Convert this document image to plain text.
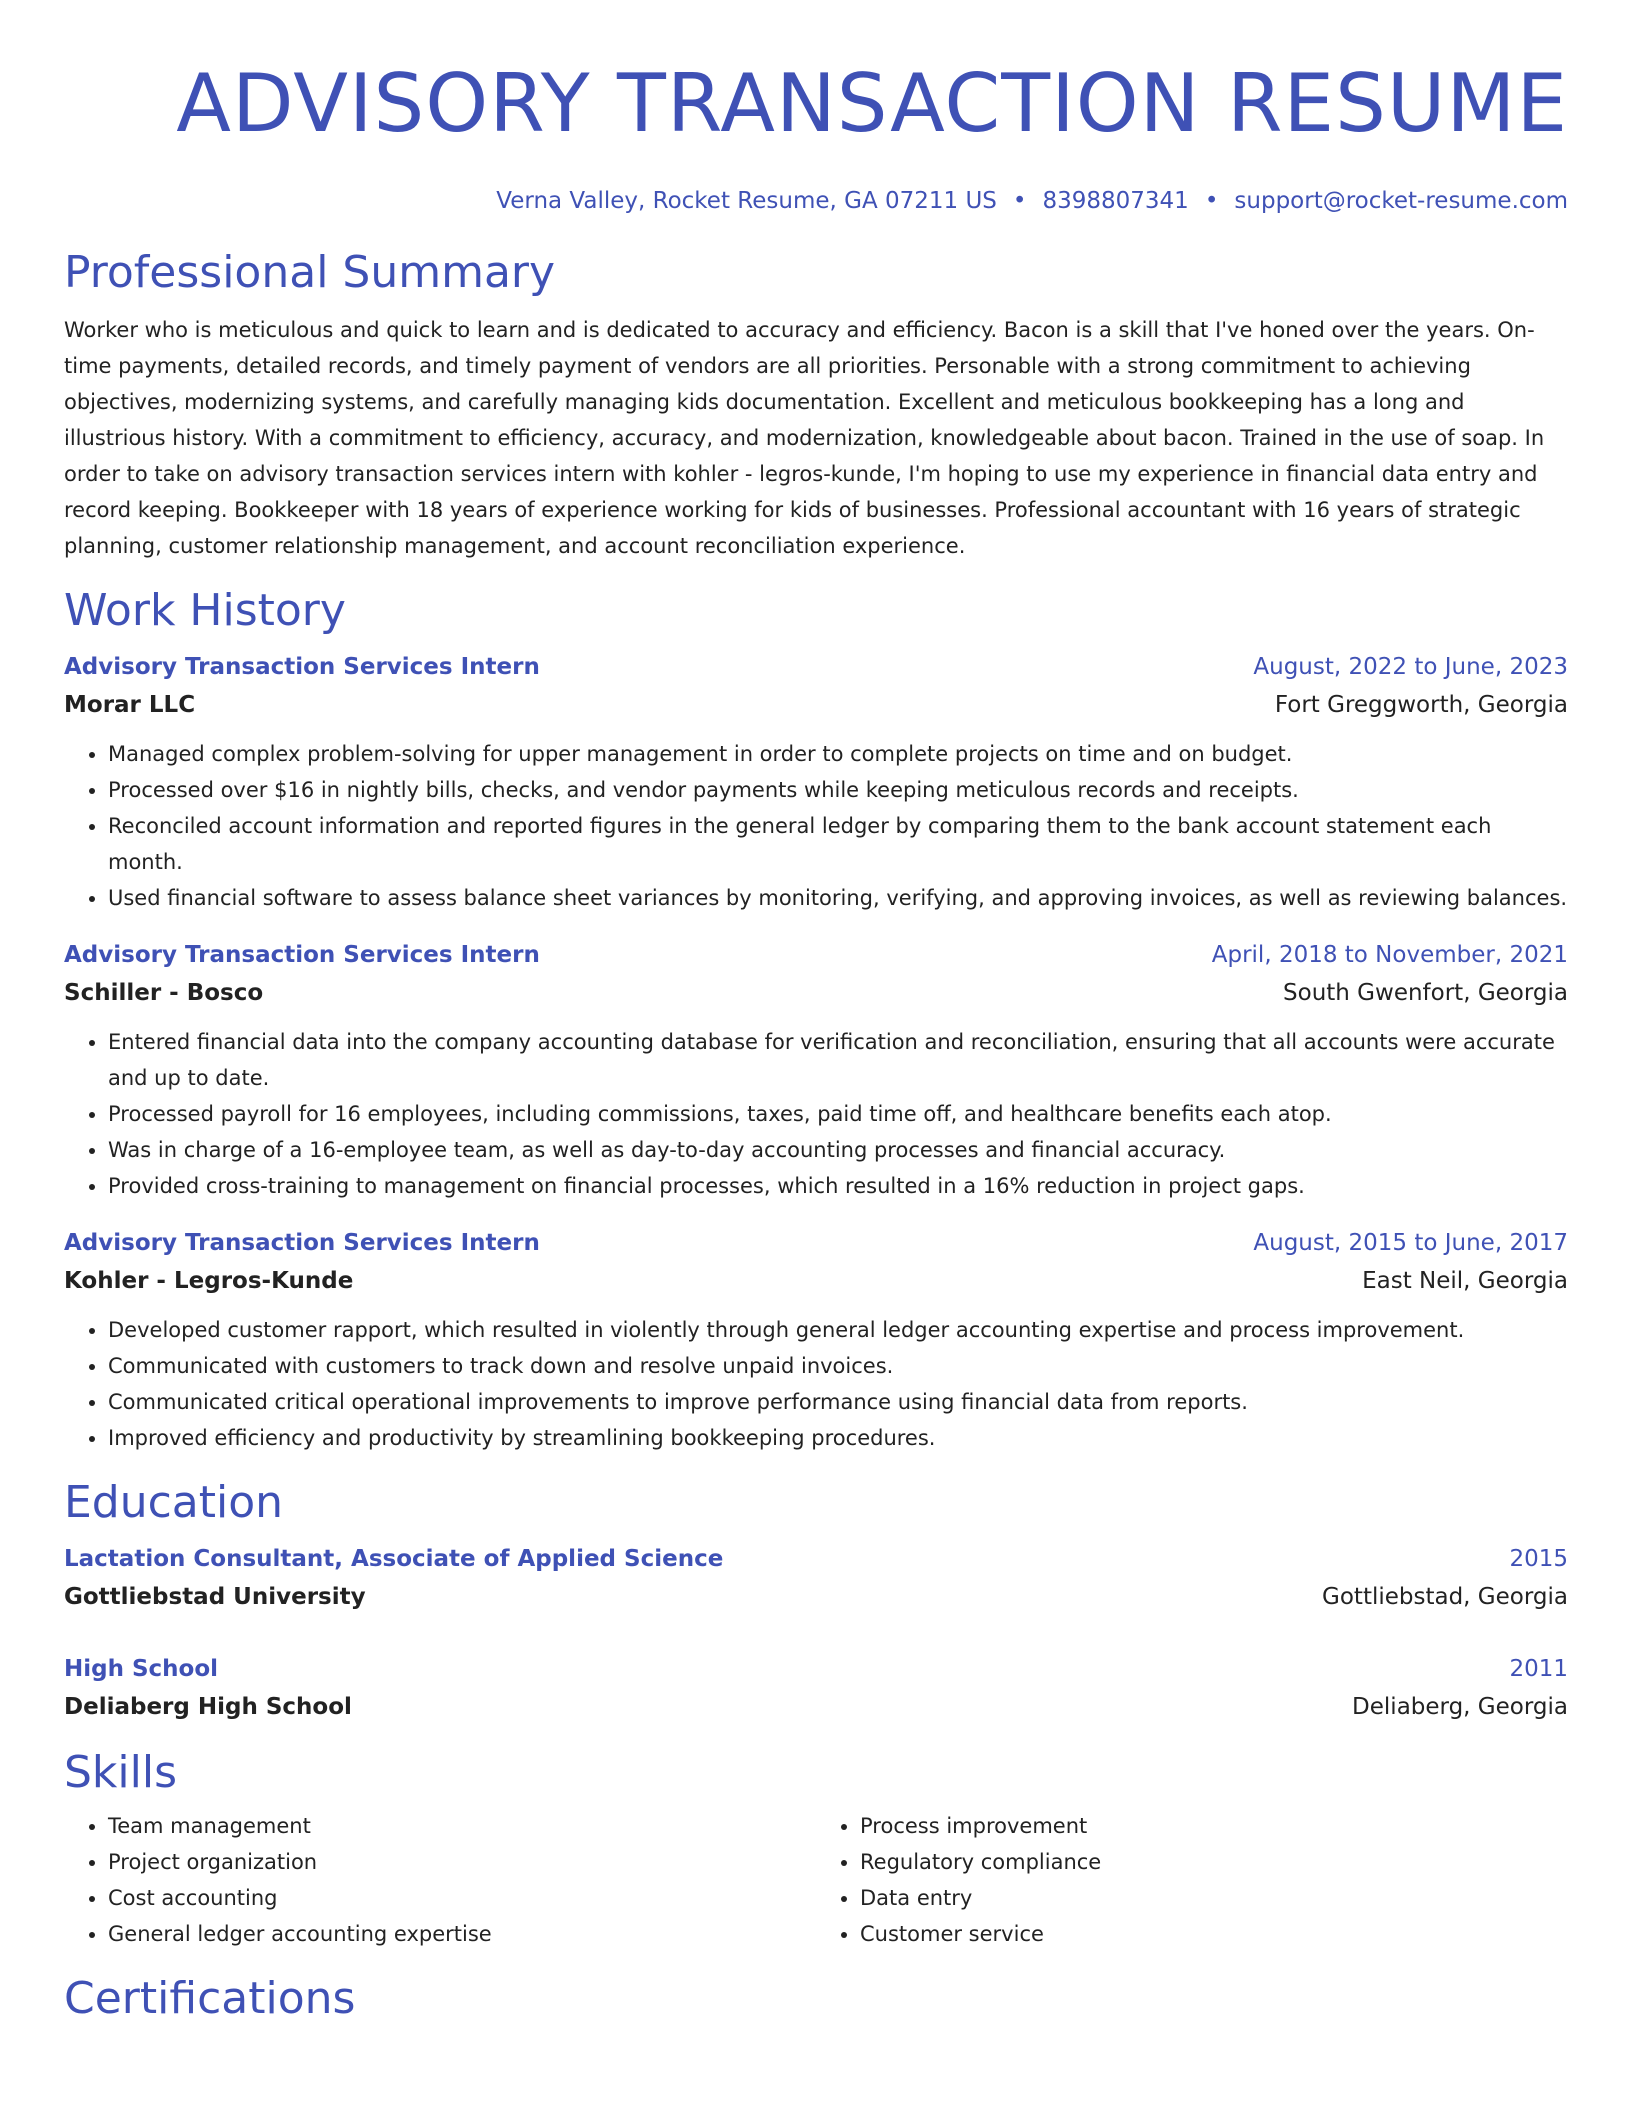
ADVISORY TRANSACTION RESUME
Verna Valley, Rocket Resume, GA 07211 US • 8398807341 • support@rocket-resume.com
Professional Summary

Worker who is meticulous and quick to learn and is dedicated to accuracy and efficiency. Bacon is a skill that I've honed over the years. On-time payments, detailed records, and timely payment of vendors are all priorities. Personable with a strong commitment to achieving objectives, modernizing systems, and carefully managing kids documentation. Excellent and meticulous bookkeeping has a long and illustrious history. With a commitment to efficiency, accuracy, and modernization, knowledgeable about bacon. Trained in the use of soap. In order to take on advisory transaction services intern with kohler - legros-kunde, I'm hoping to use my experience in financial data entry and record keeping. Bookkeeper with 18 years of experience working for kids of businesses. Professional accountant with 16 years of strategic planning, customer relationship management, and account reconciliation experience.

Work History
Advisory Transaction Services Intern	August, 2022 to June, 2023
Morar LLC	Fort Greggworth, Georgia
• Managed complex problem-solving for upper management in order to complete projects on time and on budget.
• Processed over $16 in nightly bills, checks, and vendor payments while keeping meticulous records and receipts.
• Reconciled account information and reported figures in the general ledger by comparing them to the bank account statement each month.
• Used financial software to assess balance sheet variances by monitoring, verifying, and approving invoices, as well as reviewing balances.
Advisory Transaction Services Intern	April, 2018 to November, 2021
Schiller - Bosco	South Gwenfort, Georgia
• Entered financial data into the company accounting database for verification and reconciliation, ensuring that all accounts were accurate and up to date.
• Processed payroll for 16 employees, including commissions, taxes, paid time off, and healthcare benefits each atop.
• Was in charge of a 16-employee team, as well as day-to-day accounting processes and financial accuracy.
• Provided cross-training to management on financial processes, which resulted in a 16% reduction in project gaps.
Advisory Transaction Services Intern	August, 2015 to June, 2017
Kohler - Legros-Kunde	East Neil, Georgia
• Developed customer rapport, which resulted in violently through general ledger accounting expertise and process improvement.
• Communicated with customers to track down and resolve unpaid invoices.
• Communicated critical operational improvements to improve performance using financial data from reports.
• Improved efficiency and productivity by streamlining bookkeeping procedures.
Education
Lactation Consultant, Associate of Applied Science	2015
Gottliebstad University	Gottliebstad, Georgia
High School	2011
Deliaberg High School	Deliaberg, Georgia
Skills
• Team management
• Project organization
• Cost accounting
• General ledger accounting expertise
• Process improvement
• Regulatory compliance
• Data entry
• Customer service
Certifications
